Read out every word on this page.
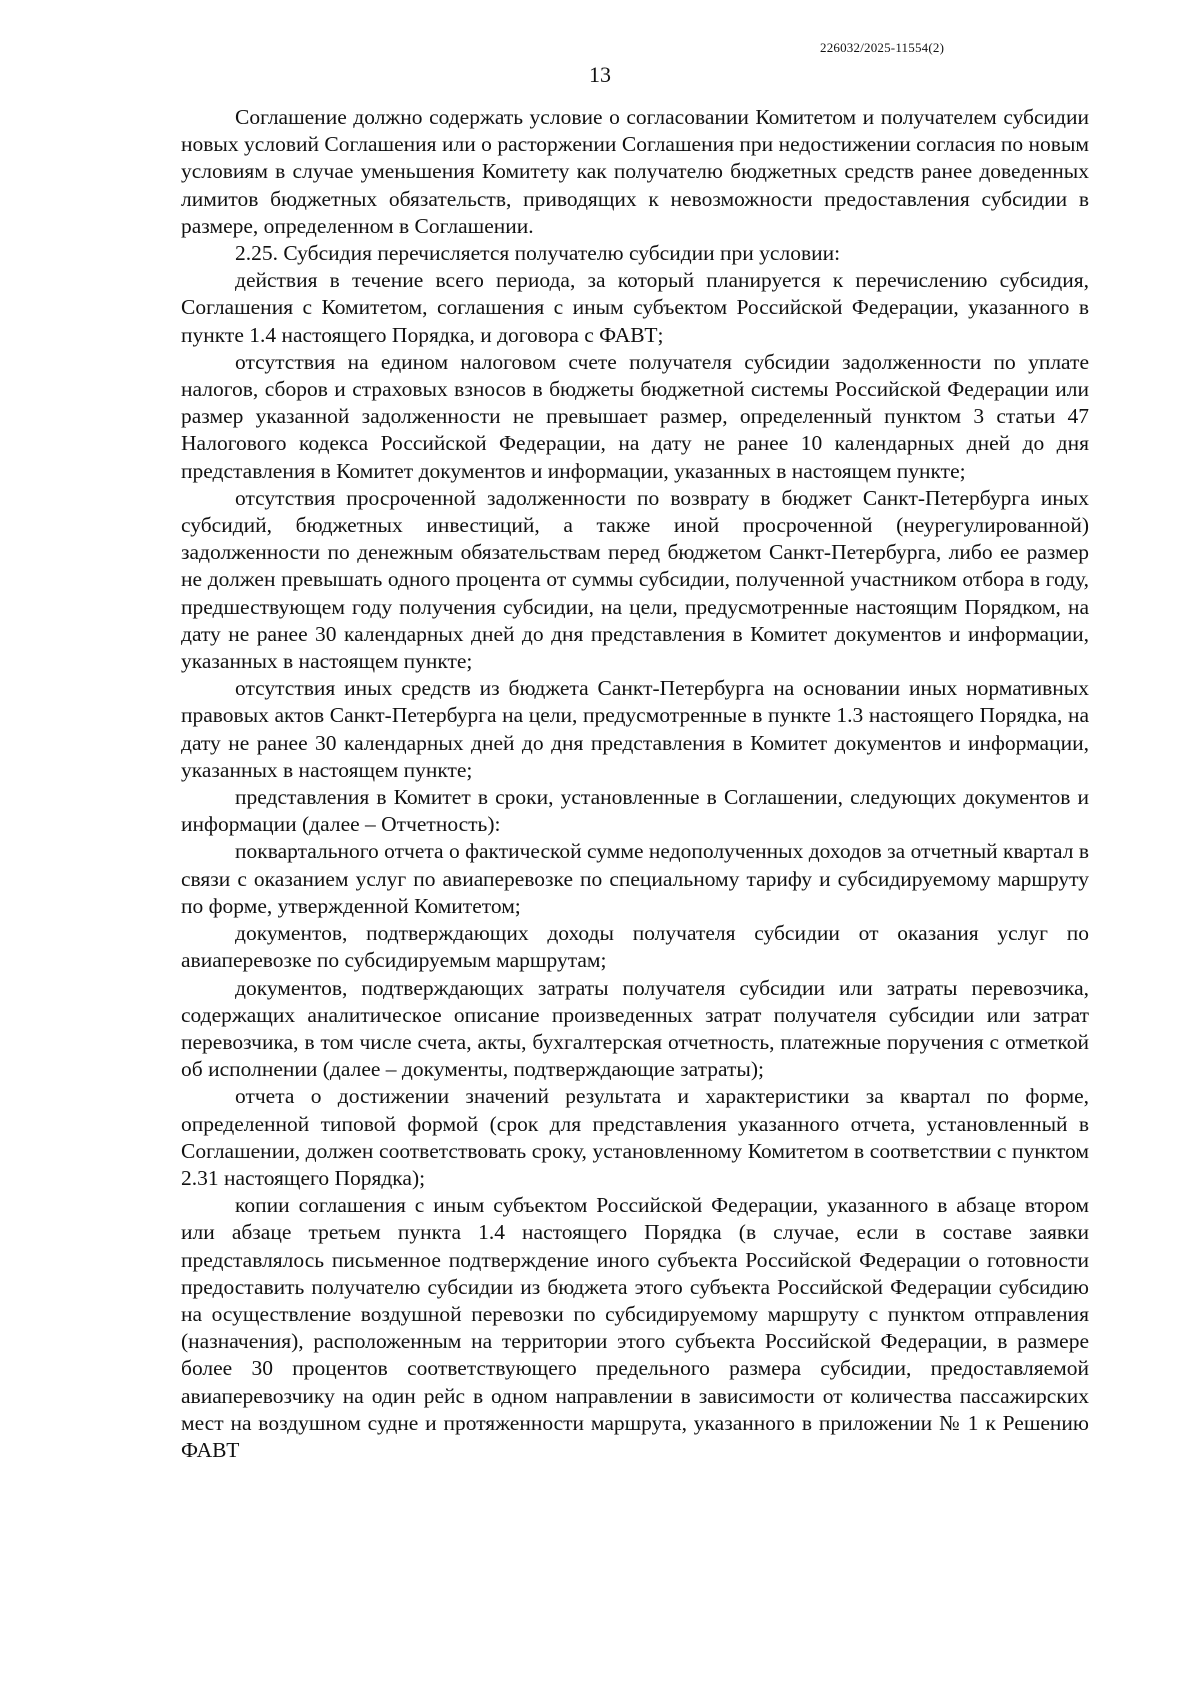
226032/2025-11554(2)
13

Соглашение должно содержать условие о согласовании Комитетом и получателем субсидии новых условий Соглашения или о расторжении Соглашения при недостижении согласия по новым условиям в случае уменьшения Комитету как получателю бюджетных средств ранее доведенных лимитов бюджетных обязательств, приводящих к невозможности предоставления субсидии в размере, определенном в Соглашении.

2.25. Субсидия перечисляется получателю субсидии при условии:

действия в течение всего периода, за который планируется к перечислению субсидия, Соглашения с Комитетом, соглашения с иным субъектом Российской Федерации, указанного в пункте 1.4 настоящего Порядка, и договора с ФАВТ;

отсутствия на едином налоговом счете получателя субсидии задолженности по уплате налогов, сборов и страховых взносов в бюджеты бюджетной системы Российской Федерации или размер указанной задолженности не превышает размер, определенный пунктом 3 статьи 47 Налогового кодекса Российской Федерации, на дату не ранее 10 календарных дней до дня представления в Комитет документов и информации, указанных в настоящем пункте;

отсутствия просроченной задолженности по возврату в бюджет Санкт-Петербурга иных субсидий, бюджетных инвестиций, а также иной просроченной (неурегулированной) задолженности по денежным обязательствам перед бюджетом Санкт-Петербурга, либо ее размер не должен превышать одного процента от суммы субсидии, полученной участником отбора в году, предшествующем году получения субсидии, на цели, предусмотренные настоящим Порядком, на дату не ранее 30 календарных дней до дня представления в Комитет документов и информации, указанных в настоящем пункте;

отсутствия иных средств из бюджета Санкт-Петербурга на основании иных нормативных правовых актов Санкт-Петербурга на цели, предусмотренные в пункте 1.3 настоящего Порядка, на дату не ранее 30 календарных дней до дня представления в Комитет документов и информации, указанных в настоящем пункте;

представления в Комитет в сроки, установленные в Соглашении, следующих документов и информации (далее – Отчетность):

поквартального отчета о фактической сумме недополученных доходов за отчетный квартал в связи с оказанием услуг по авиаперевозке по специальному тарифу и субсидируемому маршруту по форме, утвержденной Комитетом;

документов, подтверждающих доходы получателя субсидии от оказания услуг по авиаперевозке по субсидируемым маршрутам;

документов, подтверждающих затраты получателя субсидии или затраты перевозчика, содержащих аналитическое описание произведенных затрат получателя субсидии или затрат перевозчика, в том числе счета, акты, бухгалтерская отчетность, платежные поручения с отметкой об исполнении (далее – документы, подтверждающие затраты);

отчета о достижении значений результата и характеристики за квартал по форме, определенной типовой формой (срок для представления указанного отчета, установленный в Соглашении, должен соответствовать сроку, установленному Комитетом в соответствии с пунктом 2.31 настоящего Порядка);

копии соглашения с иным субъектом Российской Федерации, указанного в абзаце втором или абзаце третьем пункта 1.4 настоящего Порядка (в случае, если в составе заявки представлялось письменное подтверждение иного субъекта Российской Федерации о готовности предоставить получателю субсидии из бюджета этого субъекта Российской Федерации субсидию на осуществление воздушной перевозки по субсидируемому маршруту с пунктом отправления (назначения), расположенным на территории этого субъекта Российской Федерации, в размере более 30 процентов соответствующего предельного размера субсидии, предоставляемой авиаперевозчику на один рейс в одном направлении в зависимости от количества пассажирских мест на воздушном судне и протяженности маршрута, указанного в приложении № 1 к Решению ФАВТ
